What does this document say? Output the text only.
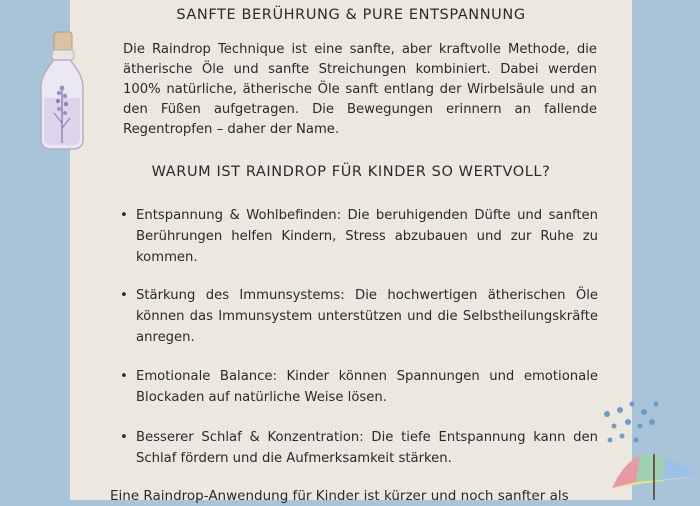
SANFTE BERÜHRUNG & PURE ENTSPANNUNG
Die Raindrop Technique ist eine sanfte, aber kraftvolle Methode, die ätherische Öle und sanfte Streichungen kombiniert. Dabei werden 100% natürliche, ätherische Öle sanft entlang der Wirbelsäule und an den Füßen aufgetragen. Die Bewegungen erinnern an fallende Regentropfen – daher der Name.
WARUM IST RAINDROP FÜR KINDER SO WERTVOLL?
• Entspannung & Wohlbefinden: Die beruhigenden Düfte und sanften Berührungen helfen Kindern, Stress abzubauen und zur Ruhe zu kommen.
• Stärkung des Immunsystems: Die hochwertigen ätherischen Öle können das Immunsystem unterstützen und die Selbstheilungskräfte anregen.
• Emotionale Balance: Kinder können Spannungen und emotionale Blockaden auf natürliche Weise lösen.
• Besserer Schlaf & Konzentration: Die tiefe Entspannung kann den Schlaf fördern und die Aufmerksamkeit stärken.
Eine Raindrop-Anwendung für Kinder ist kürzer und noch sanfter als
